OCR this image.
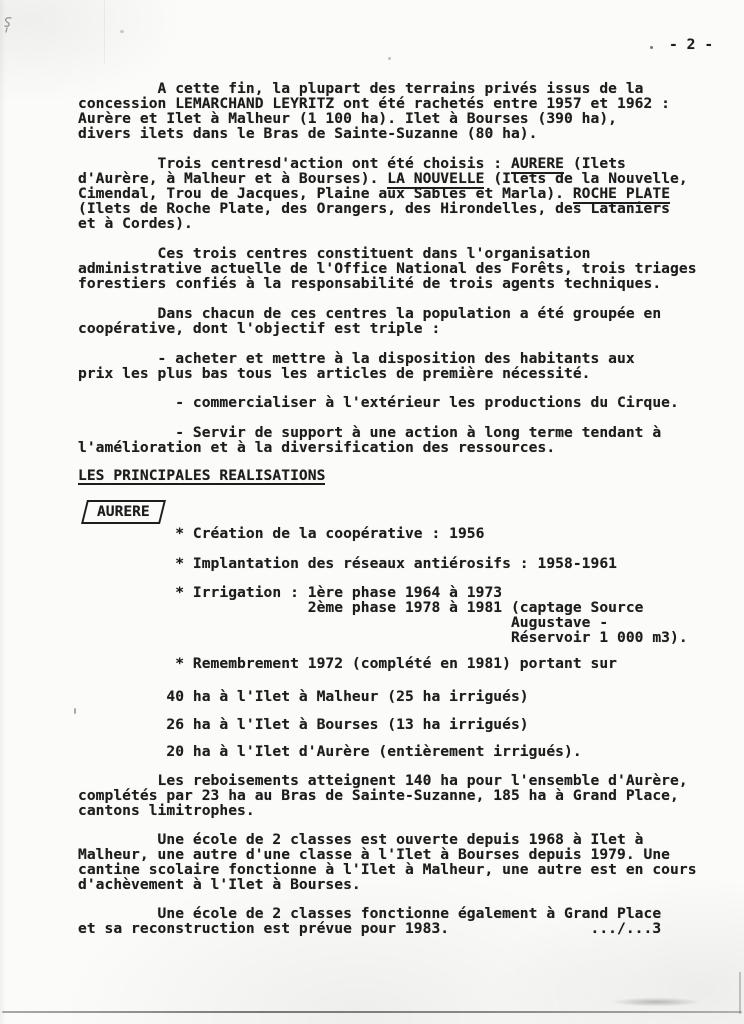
- 2 -
A cette fin, la plupart des terrains privés issus de la
concession LEMARCHAND LEYRITZ ont été rachetés entre 1957 et 1962 :
Aurère et Ilet à Malheur (1 100 ha). Ilet à Bourses (390 ha),
divers ilets dans le Bras de Sainte-Suzanne (80 ha).
Trois centresd'action ont été choisis : AURERE (Ilets
d'Aurère, à Malheur et à Bourses). LA NOUVELLE (Ilets de la Nouvelle,
Cimendal, Trou de Jacques, Plaine aux Sables et Marla). ROCHE PLATE
(Ilets de Roche Plate, des Orangers, des Hirondelles, des Lataniers
et à Cordes).
Ces trois centres constituent dans l'organisation
administrative actuelle de l'Office National des Forêts, trois triages
forestiers confiés à la responsabilité de trois agents techniques.
Dans chacun de ces centres la population a été groupée en
coopérative, dont l'objectif est triple :
- acheter et mettre à la disposition des habitants aux
prix les plus bas tous les articles de première nécessité.
- commercialiser à l'extérieur les productions du Cirque.
- Servir de support à une action à long terme tendant à
l'amélioration et à la diversification des ressources.
LES PRINCIPALES REALISATIONS
* Création de la coopérative : 1956
* Implantation des réseaux antiérosifs : 1958-1961
* Irrigation : 1ère phase 1964 à 1973
2ème phase 1978 à 1981 (captage Source
Augustave -
Réservoir 1 000 m3).
* Remembrement 1972 (complété en 1981) portant sur
40 ha à l'Ilet à Malheur (25 ha irrigués)
26 ha à l'Ilet à Bourses (13 ha irrigués)
20 ha à l'Ilet d'Aurère (entièrement irrigués).
Les reboisements atteignent 140 ha pour l'ensemble d'Aurère,
complétés par 23 ha au Bras de Sainte-Suzanne, 185 ha à Grand Place,
cantons limitrophes.
Une école de 2 classes est ouverte depuis 1968 à Ilet à
Malheur, une autre d'une classe à l'Ilet à Bourses depuis 1979. Une
cantine scolaire fonctionne à l'Ilet à Malheur, une autre est en cours
d'achèvement à l'Ilet à Bourses.
Une école de 2 classes fonctionne également à Grand Place
et sa reconstruction est prévue pour 1983.                .../...3
AURERE
